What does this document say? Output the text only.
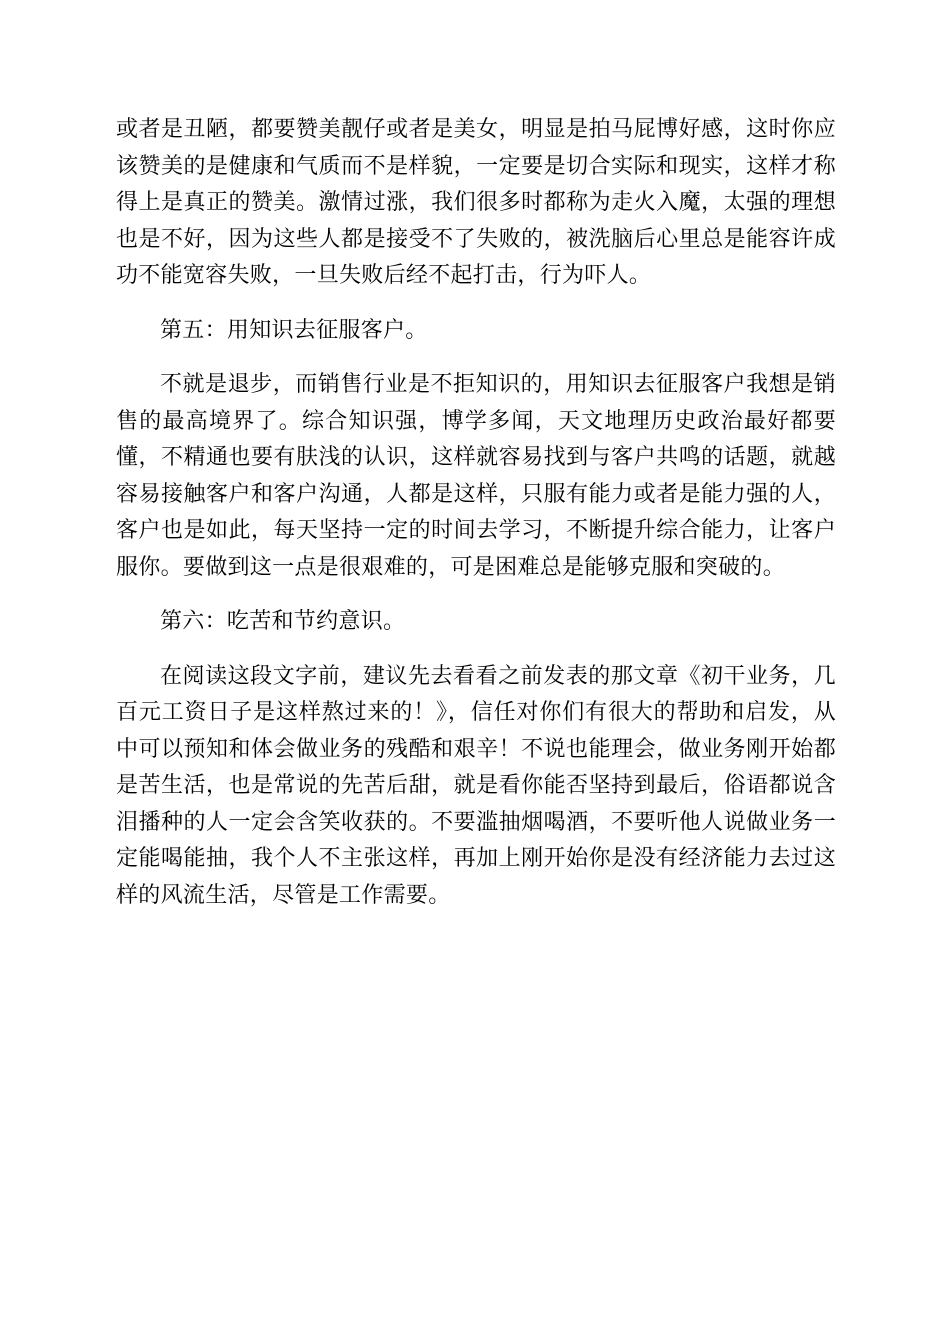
或者是丑陋，都要赞美靓仔或者是美女，明显是拍马屁博好感，这时你应该赞美的是健康和气质而不是样貌，一定要是切合实际和现实，这样才称得上是真正的赞美。激情过涨，我们很多时都称为走火入魔，太强的理想也是不好，因为这些人都是接受不了失败的，被洗脑后心里总是能容许成功不能宽容失败，一旦失败后经不起打击，行为吓人。

第五：用知识去征服客户。

不就是退步，而销售行业是不拒知识的，用知识去征服客户我想是销售的最高境界了。综合知识强，博学多闻，天文地理历史政治最好都要懂，不精通也要有肤浅的认识，这样就容易找到与客户共鸣的话题，就越容易接触客户和客户沟通，人都是这样，只服有能力或者是能力强的人，客户也是如此，每天坚持一定的时间去学习，不断提升综合能力，让客户服你。要做到这一点是很艰难的，可是困难总是能够克服和突破的。

第六：吃苦和节约意识。

在阅读这段文字前，建议先去看看之前发表的那文章《初干业务，几百元工资日子是这样熬过来的！》，信任对你们有很大的帮助和启发，从中可以预知和体会做业务的残酷和艰辛！不说也能理会，做业务刚开始都是苦生活，也是常说的先苦后甜，就是看你能否坚持到最后，俗语都说含泪播种的人一定会含笑收获的。不要滥抽烟喝酒，不要听他人说做业务一定能喝能抽，我个人不主张这样，再加上刚开始你是没有经济能力去过这样的风流生活，尽管是工作需要。
